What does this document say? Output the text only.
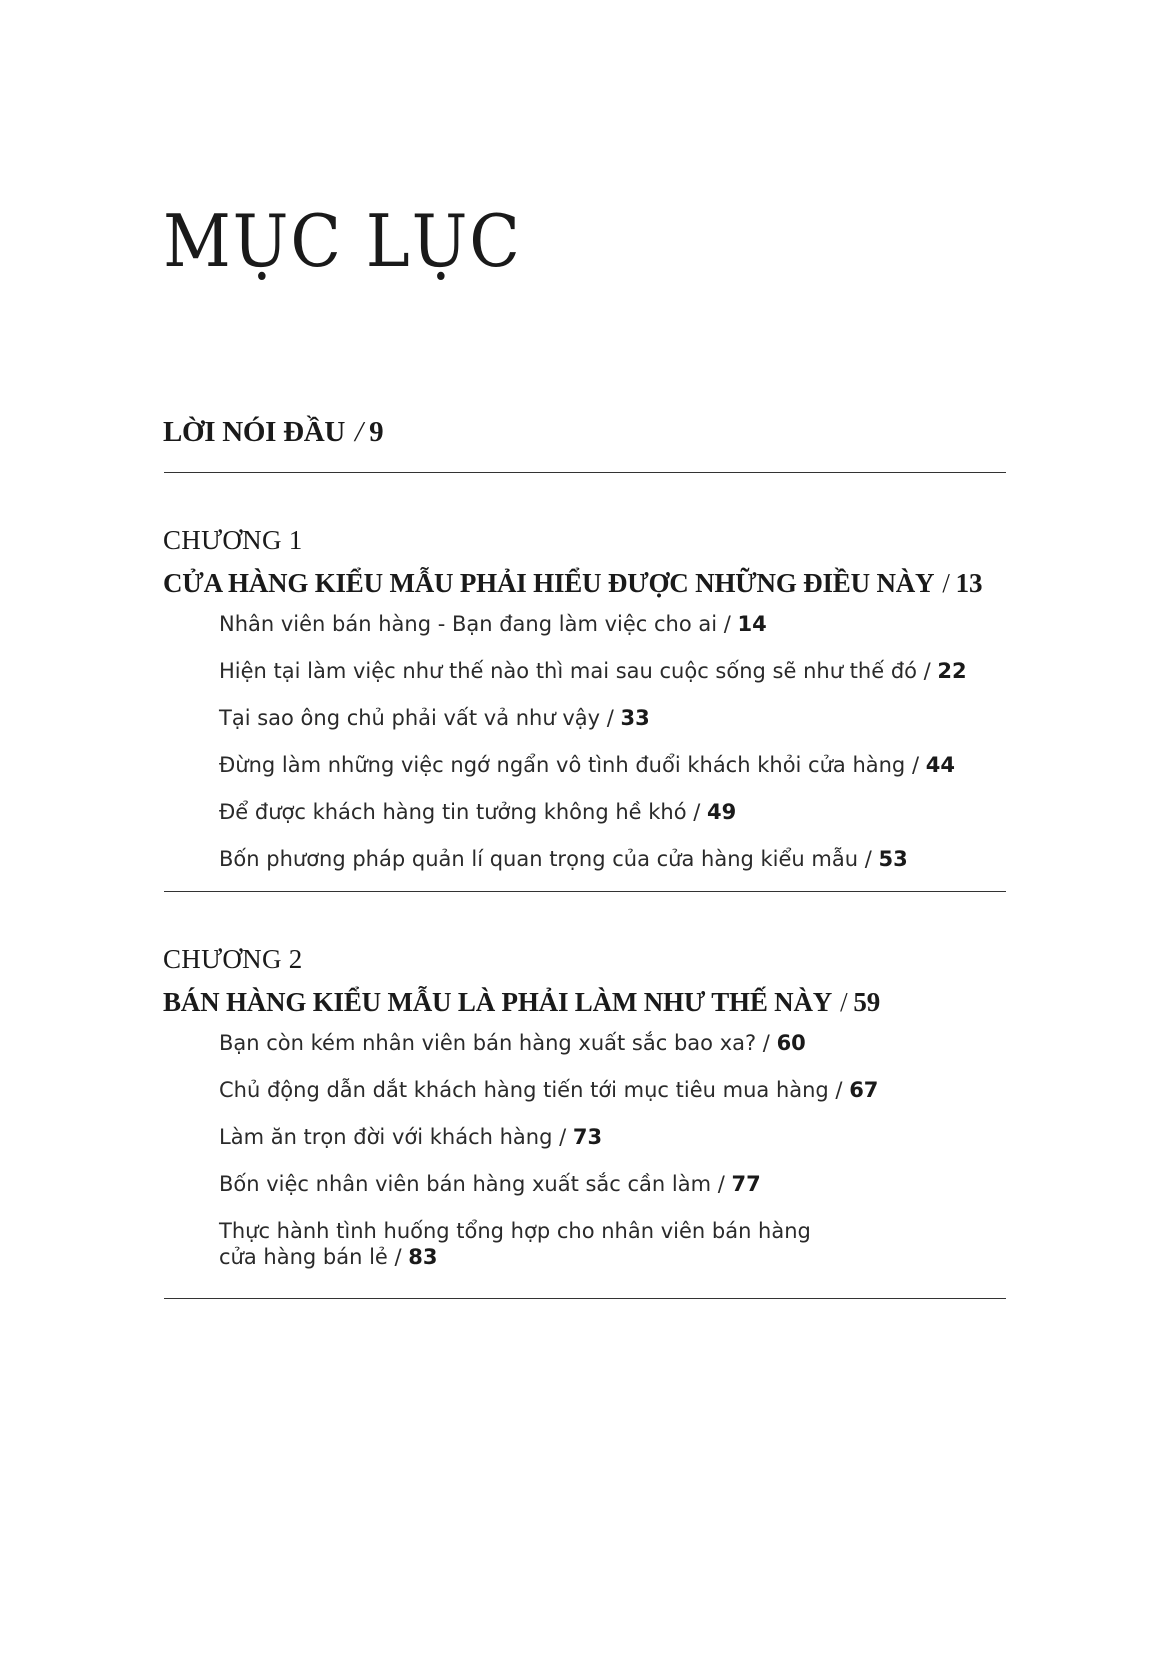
MỤC LỤC
LỜI NÓI ĐẦU / 9
CHƯƠNG 1
CỬA HÀNG KIỂU MẪU PHẢI HIỂU ĐƯỢC NHỮNG ĐIỀU NÀY / 13
Nhân viên bán hàng - Bạn đang làm việc cho ai / 14
Hiện tại làm việc như thế nào thì mai sau cuộc sống sẽ như thế đó / 22
Tại sao ông chủ phải vất vả như vậy / 33
Đừng làm những việc ngớ ngẩn vô tình đuổi khách khỏi cửa hàng / 44
Để được khách hàng tin tưởng không hề khó / 49
Bốn phương pháp quản lí quan trọng của cửa hàng kiểu mẫu / 53
CHƯƠNG 2
BÁN HÀNG KIỂU MẪU LÀ PHẢI LÀM NHƯ THẾ NÀY / 59
Bạn còn kém nhân viên bán hàng xuất sắc bao xa? / 60
Chủ động dẫn dắt khách hàng tiến tới mục tiêu mua hàng / 67
Làm ăn trọn đời với khách hàng / 73
Bốn việc nhân viên bán hàng xuất sắc cần làm / 77
Thực hành tình huống tổng hợp cho nhân viên bán hàng cửa hàng bán lẻ / 83
